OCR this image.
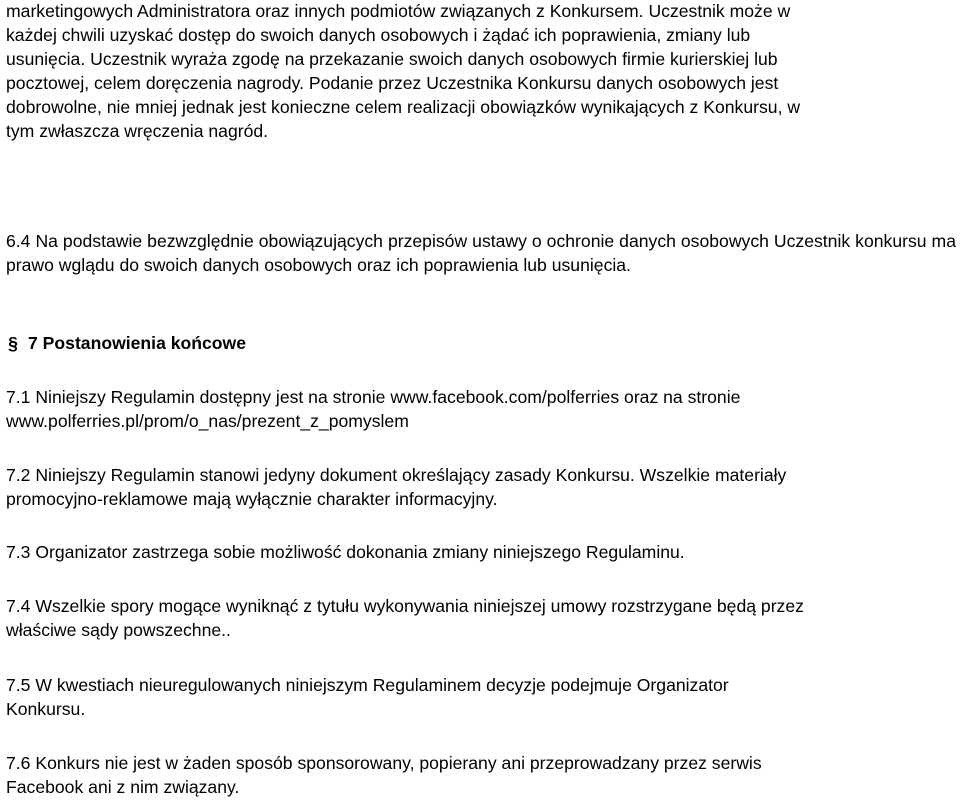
marketingowych Administratora oraz innych podmiotów związanych z Konkursem. Uczestnik może w
każdej chwili uzyskać dostęp do swoich danych osobowych i żądać ich poprawienia, zmiany lub
usunięcia. Uczestnik wyraża zgodę na przekazanie swoich danych osobowych firmie kurierskiej lub
pocztowej, celem doręczenia nagrody. Podanie przez Uczestnika Konkursu danych osobowych jest
dobrowolne, nie mniej jednak jest konieczne celem realizacji obowiązków wynikających z Konkursu, w
tym zwłaszcza wręczenia nagród.

6.4 Na podstawie bezwzględnie obowiązujących przepisów ustawy o ochronie danych osobowych Uczestnik konkursu ma prawo wglądu do swoich danych osobowych oraz ich poprawienia lub usunięcia.

§ 7 Postanowienia końcowe
7.1 Niniejszy Regulamin dostępny jest na stronie www.facebook.com/polferries oraz na stronie
www.polferries.pl/prom/o_nas/prezent_z_pomyslem
7.2 Niniejszy Regulamin stanowi jedyny dokument określający zasady Konkursu. Wszelkie materiały
promocyjno-reklamowe mają wyłącznie charakter informacyjny.
7.3 Organizator zastrzega sobie możliwość dokonania zmiany niniejszego Regulaminu.
7.4 Wszelkie spory mogące wyniknąć z tytułu wykonywania niniejszej umowy rozstrzygane będą przez
właściwe sądy powszechne..
7.5 W kwestiach nieuregulowanych niniejszym Regulaminem decyzje podejmuje Organizator
Konkursu.
7.6 Konkurs nie jest w żaden sposób sponsorowany, popierany ani przeprowadzany przez serwis
Facebook ani z nim związany.
